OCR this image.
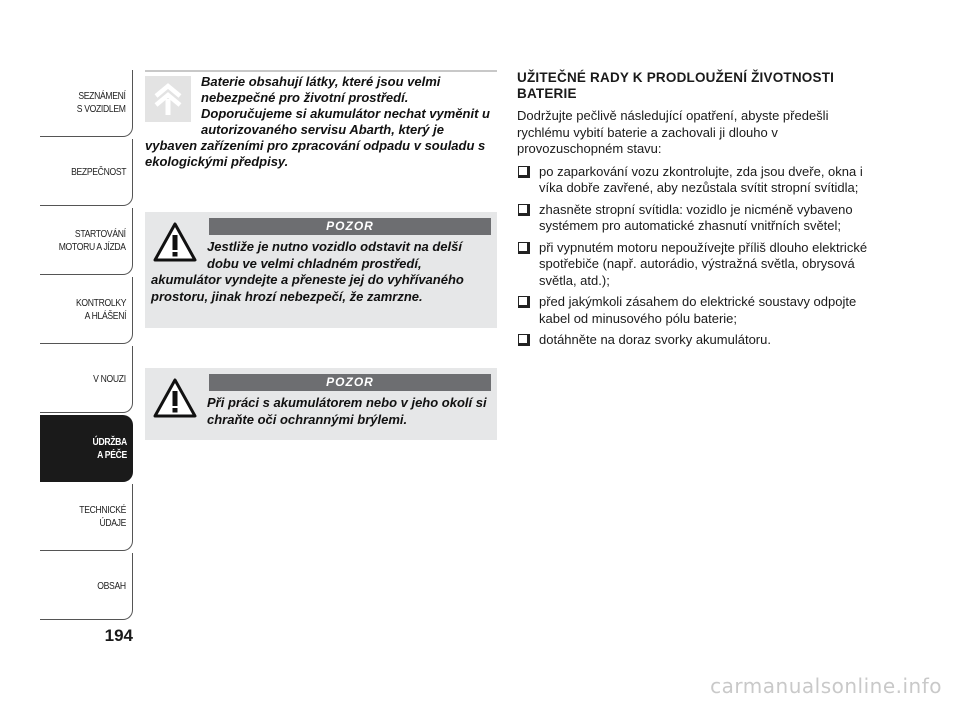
SEZNÁMENÍ
S VOZIDLEM
BEZPEČNOST
STARTOVÁNÍ
MOTORU A JÍZDA
KONTROLKY
A HLÁŠENÍ
V NOUZI
ÚDRŽBA
A PÉČE
TECHNICKÉ
ÚDAJE
OBSAH
194
Baterie obsahují látky, které jsou velmi nebezpečné pro životní prostředí. Doporučujeme si akumulátor nechat vyměnit u autorizovaného servisu Abarth, který je vybaven zařízeními pro zpracování odpadu v souladu s ekologickými předpisy.
POZOR

Jestliže je nutno vozidlo odstavit na delší dobu ve velmi chladném prostředí, akumulátor vyndejte a přeneste jej do vyhřívaného prostoru, jinak hrozí nebezpečí, že zamrzne.

POZOR

Při práci s akumulátorem nebo v jeho okolí si chraňte oči ochrannými brýlemi.

UŽITEČNÉ RADY K PRODLOUŽENÍ ŽIVOTNOSTI BATERIE

Dodržujte pečlivě následující opatření, abyste předešli rychlému vybití baterie a zachovali ji dlouho v provozuschopném stavu:

po zaparkování vozu zkontrolujte, zda jsou dveře, okna i víka dobře zavřené, aby nezůstala svítit stropní svítidla;
zhasněte stropní svítidla: vozidlo je nicméně vybaveno systémem pro automatické zhasnutí vnitřních světel;
při vypnutém motoru nepoužívejte příliš dlouho elektrické spotřebiče (např. autorádio, výstražná světla, obrysová světla, atd.);
před jakýmkoli zásahem do elektrické soustavy odpojte kabel od minusového pólu baterie;
dotáhněte na doraz svorky akumulátoru.
carmanualsonline.info
